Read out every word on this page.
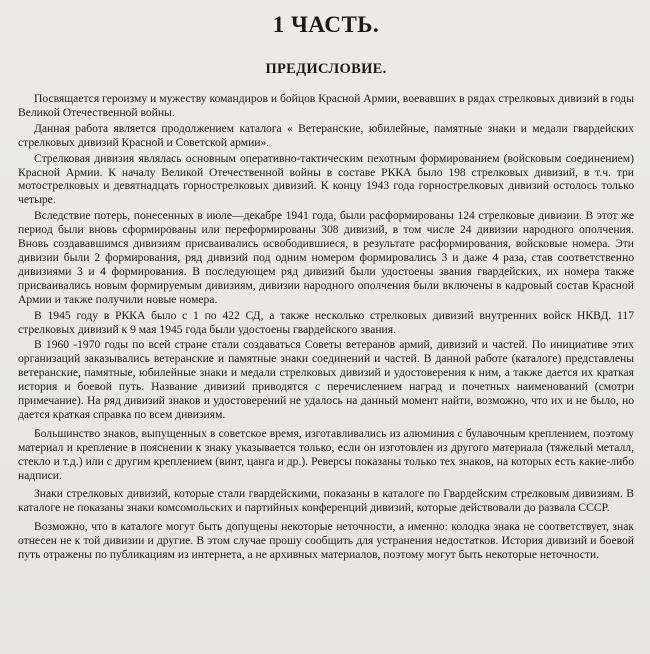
1 ЧАСТЬ.
ПРЕДИСЛОВИЕ.

Посвящается героизму и мужеству командиров и бойцов Красной Армии, воевавших в рядах стрелковых дивизий в годы Великой Отечественной войны.

Данная работа является продолжением каталога « Ветеранские, юбилейные, памятные знаки и медали гвардейских стрелковых дивизий Красной и Советской армии».

Стрелковая дивизия являлась основным оперативно-тактическим пехотным формированием (войсковым соединением) Красной Армии. К началу Великой Отечественной войны в составе РККА было 198 стрелковых дивизий, в т.ч. три мотострелковых и девятнадцать горнострелковых дивизий. К концу 1943 года горнострелковых дивизий остолось только четыре.

Вследствие потерь, понесенных в июле—декабре 1941 года, были расформированы 124 стрелковые дивизии. В этот же период были вновь сформированы или переформированы 308 дивизий, в том числе 24 дивизии народного ополчения. Вновь создававшимся дивизиям присваивались освободившиеся, в результате расформирования, войсковые номера. Эти дивизии были 2 формирования, ряд дивизий под одним номером формировались 3 и даже 4 раза, став соответственно дивизиями 3 и 4 формирования. В последующем ряд дивизий были удостоены звания гвардейских, их номера также присваивались новым формируемым дивизиям, дивизии народного ополчения были включены в кадровый состав Красной Армии и также получили новые номера.

В 1945 году в РККА было с 1 по 422 СД, а также несколько стрелковых дивизий внутренних войск НКВД. 117 стрелковых дивизий к 9 мая 1945 года были удостоены гвардейского звания.

В 1960 -1970 годы по всей стране стали создаваться Советы ветеранов армий, дивизий и частей. По инициативе этих организаций заказывались ветеранские и памятные знаки соединений и частей. В данной работе (каталоге) представлены ветеранские, памятные, юбилейные знаки и медали стрелковых дивизий и удостоверения к ним, а также дается их краткая история и боевой путь. Название дивизий приводятся с перечислением наград и почетных наименований (смотри примечание). На ряд дивизий знаков и удостоверений не удалось на данный момент найти, возможно, что их и не было, но дается краткая справка по всем дивизиям.

Большинство знаков, выпущенных в советское время, изготавливались из алюминия с булавочным креплением, поэтому материал и крепление в пояснении к знаку указывается только, если он изготовлен из другого материала (тяжелый металл, стекло и т.д.) или с другим креплением (винт, цанга и др.). Реверсы показаны только тех знаков, на которых есть какие-либо надписи.

Знаки стрелковых дивизий, которые стали гвардейскими, показаны в каталоге по Гвардейским стрелковым дивизиям. В каталоге не показаны знаки комсомольских и партийных конференций дивизий, которые действовали до развала СССР.

Возможно, что в каталоге могут быть допущены некоторые неточности, а именно: колодка знака не соответствует, знак отнесен не к той дивизии и другие. В этом случае прошу сообщить для устранения недостатков. История дивизий и боевой путь отражены по публикациям из интернета, а не архивных материалов, поэтому могут быть некоторые неточности.
